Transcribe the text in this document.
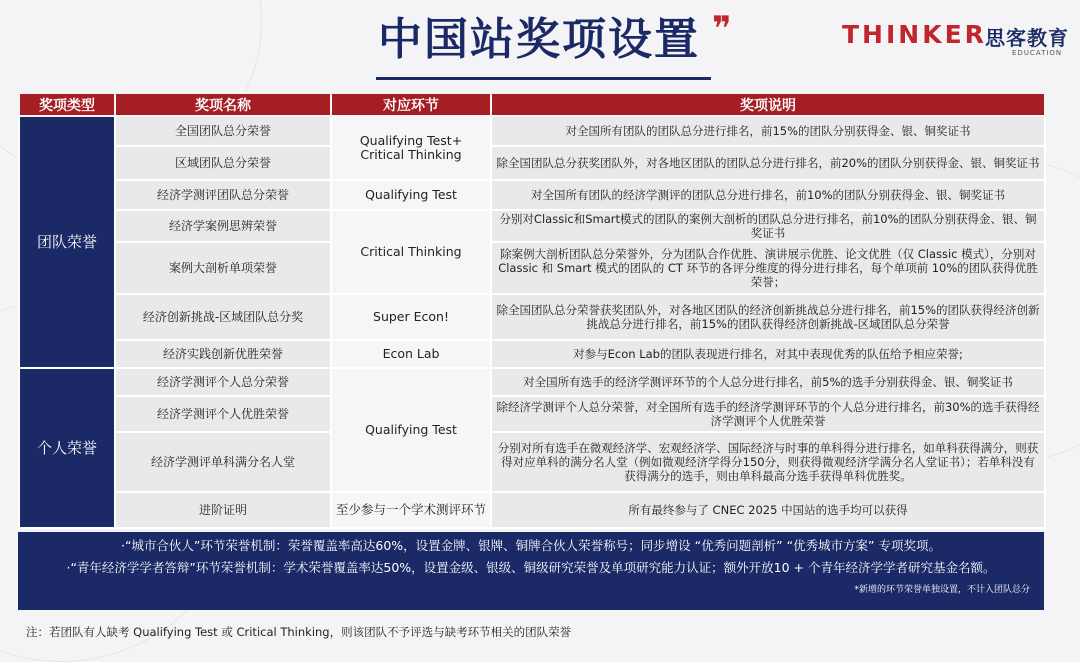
中国站奖项设置 ❜❜	THINKER
思客教育
EDUCATION
奖项类型	奖项名称	对应环节	奖项说明
团队荣誉	全国团队总分荣誉	Qualifying Test+ Critical Thinking	对全国所有团队的团队总分进行排名，前15%的团队分别获得金、银、铜奖证书
	区域团队总分荣誉		除全国团队总分获奖团队外，对各地区团队的团队总分进行排名，前20%的团队分别获得金、银、铜奖证书
	经济学测评团队总分荣誉	Qualifying Test	对全国所有团队的经济学测评的团队总分进行排名，前10%的团队分别获得金、银、铜奖证书
	经济学案例思辨荣誉	Critical Thinking	分别对Classic和Smart模式的团队的案例大剖析的团队总分进行排名，前10%的团队分别获得金、银、铜奖证书
	案例大剖析单项荣誉		除案例大剖析团队总分荣誉外，分为团队合作优胜、演讲展示优胜、论文优胜（仅 Classic 模式），分别对Classic 和 Smart 模式的团队的 CT 环节的各评分维度的得分进行排名，每个单项前 10%的团队获得优胜荣誉；
	经济创新挑战-区域团队总分奖	Super Econ!	除全国团队总分荣誉获奖团队外，对各地区团队的经济创新挑战总分进行排名，前15%的团队获得经济创新挑战总分进行排名，前15%的团队获得经济创新挑战-区域团队总分荣誉
	经济实践创新优胜荣誉	Econ Lab	对参与Econ Lab的团队表现进行排名，对其中表现优秀的队伍给予相应荣誉;
个人荣誉	经济学测评个人总分荣誉	Qualifying Test	对全国所有选手的经济学测评环节的个人总分进行排名，前5%的选手分别获得金、银、铜奖证书
	经济学测评个人优胜荣誉		除经济学测评个人总分荣誉，对全国所有选手的经济学测评环节的个人总分进行排名，前30%的选手获得经济学测评个人优胜荣誉
	经济学测评单科满分名人堂		分别对所有选手在微观经济学、宏观经济学、国际经济与时事的单科得分进行排名，如单科获得满分，则获得对应单科的满分名人堂（例如微观经济学得分150分，则获得微观经济学满分名人堂证书）；若单科没有获得满分的选手，则由单科最高分选手获得单科优胜奖。
	进阶证明	至少参与一个学术测评环节	所有最终参与了 CNEC 2025 中国站的选手均可以获得
·“城市合伙人”环节荣誉机制：荣誉覆盖率高达60%，设置金牌、银牌、铜牌合伙人荣誉称号；同步增设 “优秀问题剖析” “优秀城市方案” 专项奖项。
·“青年经济学学者答辩”环节荣誉机制：学术荣誉覆盖率达50%，设置金级、银级、铜级研究荣誉及单项研究能力认证；额外开放10 + 个青年经济学学者研究基金名额。
*新增的环节荣誉单独设置，不计入团队总分
注：若团队有人缺考 Qualifying Test 或 Critical Thinking，则该团队不予评选与缺考环节相关的团队荣誉
